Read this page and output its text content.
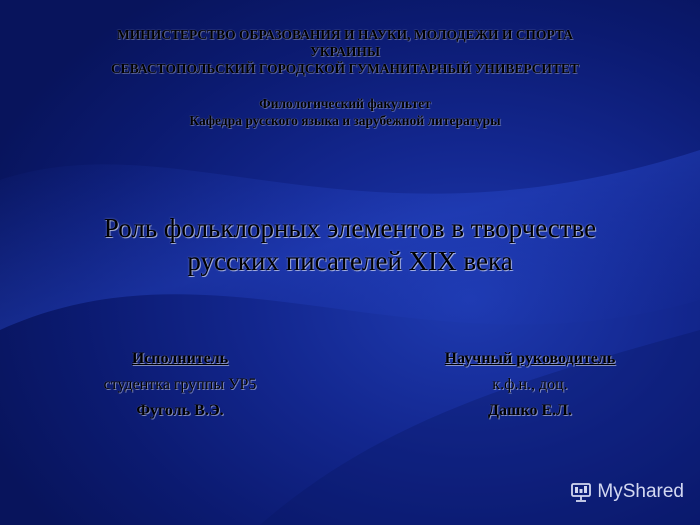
МИНИСТЕРСТВО ОБРАЗОВАНИЯ И НАУКИ, МОЛОДЕЖИ И СПОРТА
УКРАИНЫ
СЕВАСТОПОЛЬСКИЙ ГОРОДСКОЙ ГУМАНИТАРНЫЙ УНИВЕРСИТЕТ
Филологический факультет
Кафедра русского языка и зарубежной литературы
Роль фольклорных элементов в творчестве
русских писателей XIX века
Исполнитель
студентка группы УР5
Фуголь В.Э.
Научный руководитель
к.ф.н., доц.
Дашко Е.Л.
MyShared
